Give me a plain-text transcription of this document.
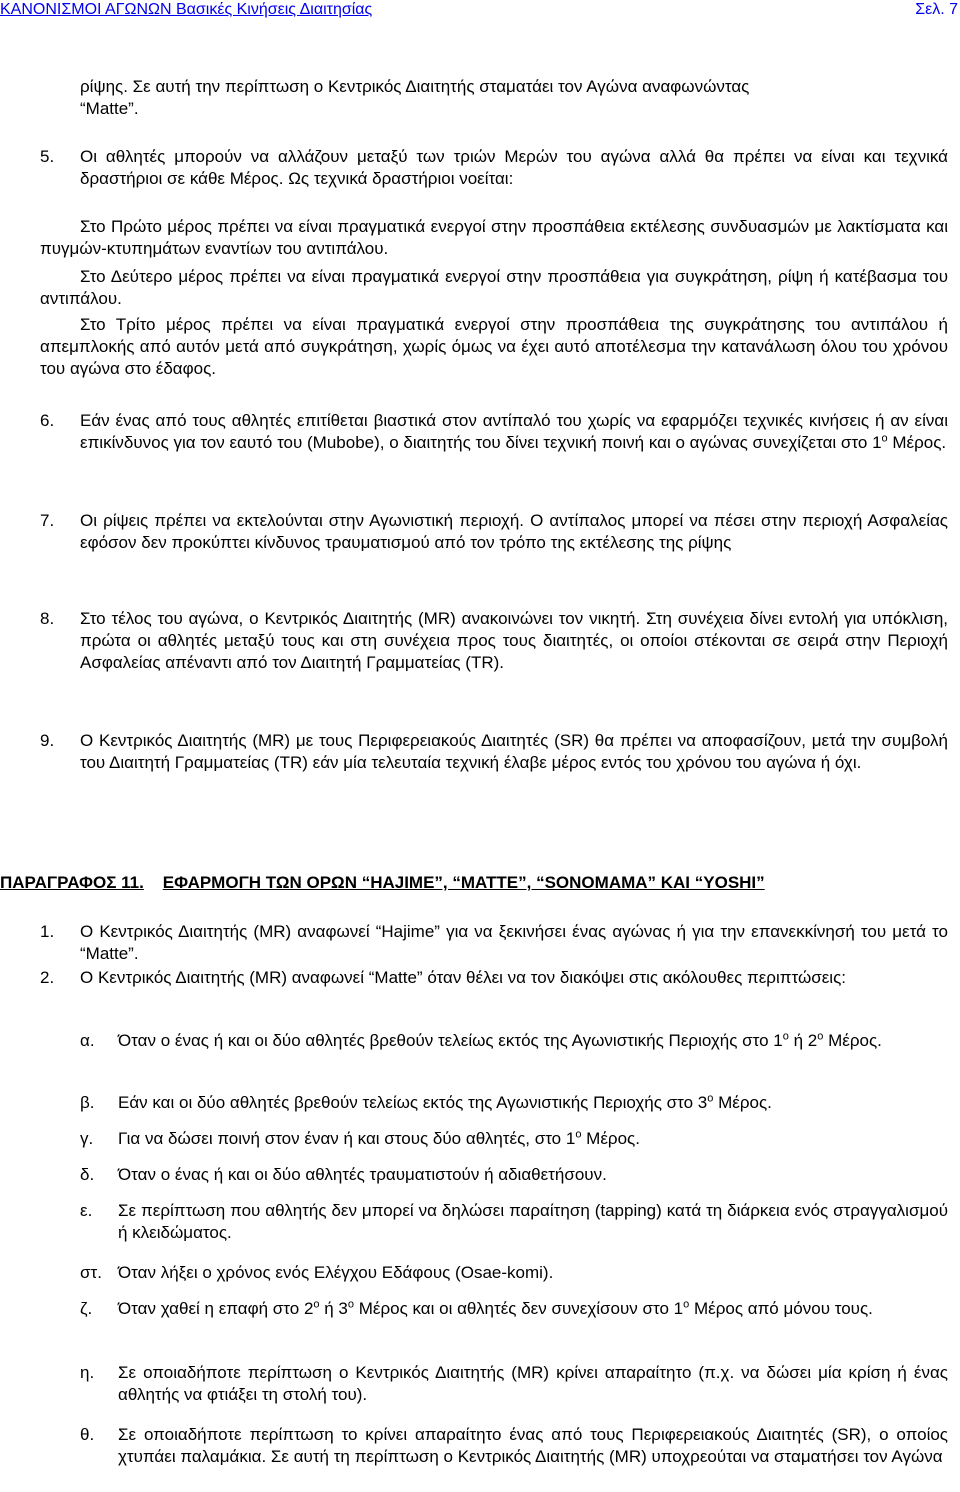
ΚΑΝΟΝΙΣΜΟΙ ΑΓΩΝΩΝ Βασικές Κινήσεις Διαιτησίας	Σελ. 7

ρίψης. Σε αυτή την περίπτωση ο Κεντρικός Διαιτητής σταματάει τον Αγώνα αναφωνώντας

“Matte”.

5. Οι αθλητές μπορούν να αλλάζουν μεταξύ των τριών Μερών του αγώνα αλλά θα πρέπει να είναι και τεχνικά δραστήριοι σε κάθε Μέρος. Ως τεχνικά δραστήριοι νοείται:

Στο Πρώτο μέρος πρέπει να είναι πραγματικά ενεργοί στην προσπάθεια εκτέλεσης συνδυασμών με λακτίσματα και πυγμών-κτυπημάτων εναντίων του αντιπάλου.

Στο Δεύτερο μέρος πρέπει να είναι πραγματικά ενεργοί στην προσπάθεια για συγκράτηση, ρίψη ή κατέβασμα του αντιπάλου.

Στο Τρίτο μέρος πρέπει να είναι πραγματικά ενεργοί στην προσπάθεια της συγκράτησης του αντιπάλου ή απεμπλοκής από αυτόν μετά από συγκράτηση, χωρίς όμως να έχει αυτό αποτέλεσμα την κατανάλωση όλου του χρόνου του αγώνα στο έδαφος.

6. Εάν ένας από τους αθλητές επιτίθεται βιαστικά στον αντίπαλό του χωρίς να εφαρμόζει τεχνικές κινήσεις ή αν είναι επικίνδυνος για τον εαυτό του (Mubobe), ο διαιτητής του δίνει τεχνική ποινή και ο αγώνας συνεχίζεται στο $1^o$ Μέρος.

7. Οι ρίψεις πρέπει να εκτελούνται στην Αγωνιστική περιοχή. Ο αντίπαλος μπορεί να πέσει στην περιοχή Ασφαλείας εφόσον δεν προκύπτει κίνδυνος τραυματισμού από τον τρόπο της εκτέλεσης της ρίψης

8. Στο τέλος του αγώνα, ο Κεντρικός Διαιτητής (MR) ανακοινώνει τον νικητή. Στη συνέχεια δίνει εντολή για υπόκλιση, πρώτα οι αθλητές μεταξύ τους και στη συνέχεια προς τους διαιτητές, οι οποίοι στέκονται σε σειρά στην Περιοχή Ασφαλείας απέναντι από τον Διαιτητή Γραμματείας (TR).

9. Ο Κεντρικός Διαιτητής (MR) με τους Περιφερειακούς Διαιτητές (SR) θα πρέπει να αποφασίζουν, μετά την συμβολή του Διαιτητή Γραμματείας (TR) εάν μία τελευταία τεχνική έλαβε μέρος εντός του χρόνου του αγώνα ή όχι.

ΠΑΡΑΓΡΑΦΟΣ 11. ΕΦΑΡΜΟΓΗ ΤΩΝ ΟΡΩΝ “HAJIME”, “MATTE”, “SONOMAMA” ΚΑΙ “YOSHI”
1. Ο Κεντρικός Διαιτητής (MR) αναφωνεί “Hajime” για να ξεκινήσει ένας αγώνας ή για την επανεκκίνησή του μετά το “Matte”.

2. Ο Κεντρικός Διαιτητής (MR) αναφωνεί “Matte” όταν θέλει να τον διακόψει στις ακόλουθες περιπτώσεις:

α. Όταν ο ένας ή και οι δύο αθλητές βρεθούν τελείως εκτός της Αγωνιστικής Περιοχής στο $1^o$ ή $2^o$ Μέρος.

β. Εάν και οι δύο αθλητές βρεθούν τελείως εκτός της Αγωνιστικής Περιοχής στο $3^o$ Μέρος.

γ. Για να δώσει ποινή στον έναν ή και στους δύο αθλητές, στο $1^o$ Μέρος.

δ. Όταν ο ένας ή και οι δύο αθλητές τραυματιστούν ή αδιαθετήσουν.

ε. Σε περίπτωση που αθλητής δεν μπορεί να δηλώσει παραίτηση (tapping) κατά τη διάρκεια ενός στραγγαλισμού ή κλειδώματος.

στ. Όταν λήξει ο χρόνος ενός Ελέγχου Εδάφους (Osae-komi).

ζ. Όταν χαθεί η επαφή στο $2^o$ ή $3^o$ Μέρος και οι αθλητές δεν συνεχίσουν στο $1^o$ Μέρος από μόνου τους.

η. Σε οποιαδήποτε περίπτωση ο Κεντρικός Διαιτητής (MR) κρίνει απαραίτητο (π.χ. να δώσει μία κρίση ή ένας αθλητής να φτιάξει τη στολή του).

θ. Σε οποιαδήποτε περίπτωση το κρίνει απαραίτητο ένας από τους Περιφερειακούς Διαιτητές (SR), ο οποίος χτυπάει παλαμάκια. Σε αυτή τη περίπτωση ο Κεντρικός Διαιτητής (MR) υποχρεούται να σταματήσει τον Αγώνα
